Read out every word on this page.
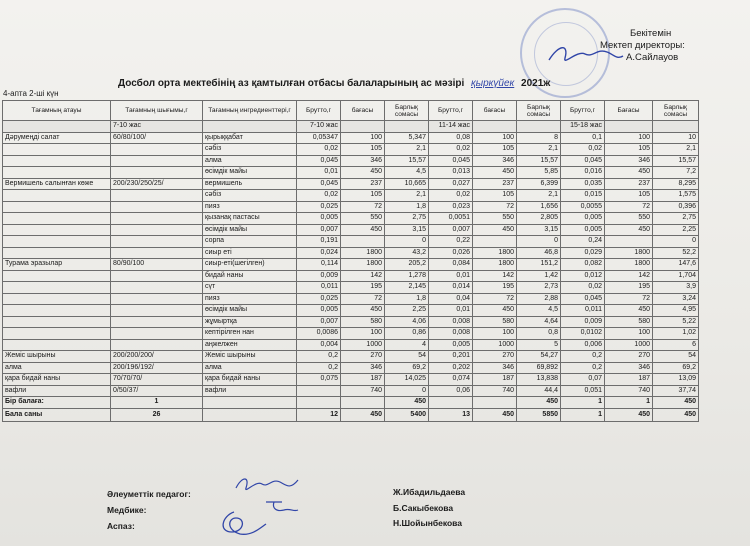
Бекітемін
Мектеп директоры:
А.Сайлауов
Досбол орта мектебінің аз қамтылған отбасы балаларының ас мәзірі қыркүйек 2021ж
4-апта 2-ші күн
Тағамның атауы	Тағамның шығымы,г	Тағамның ингредиенттері,г	Брутто,г	бағасы	Барлық сомасы	Брутто,г	бағасы	Барлық сомасы	Брутто,г	Бағасы	Барлық сомасы
	7-10 жас		7-10 жас			11-14 жас			15-18 жас		
Дәрумеңді салат	60/80/100/	қырыққабат	0,05347	100	5,347	0,08	100	8	0,1	100	10
		сәбіз	0,02	105	2,1	0,02	105	2,1	0,02	105	2,1
		алма	0,045	346	15,57	0,045	346	15,57	0,045	346	15,57
		өсімдік майы	0,01	450	4,5	0,013	450	5,85	0,016	450	7,2
Вермишель салынған көже	200/230/250/25/	вермишель	0,045	237	10,665	0,027	237	6,399	0,035	237	8,295
		сәбіз	0,02	105	2,1	0,02	105	2,1	0,015	105	1,575
		пияз	0,025	72	1,8	0,023	72	1,656	0,0055	72	0,396
		қызанақ пастасы	0,005	550	2,75	0,0051	550	2,805	0,005	550	2,75
		өсімдік майы	0,007	450	3,15	0,007	450	3,15	0,005	450	2,25
		сорпа	0,191		0	0,22		0	0,24		0
		сиыр еті	0,024	1800	43,2	0,026	1800	46,8	0,029	1800	52,2
Турама эразылар	80/90/100	сиыр-еті(шегілген)	0,114	1800	205,2	0,084	1800	151,2	0,082	1800	147,6
		бидай наны	0,009	142	1,278	0,01	142	1,42	0,012	142	1,704
		сүт	0,011	195	2,145	0,014	195	2,73	0,02	195	3,9
		пияз	0,025	72	1,8	0,04	72	2,88	0,045	72	3,24
		өсімдік майы	0,005	450	2,25	0,01	450	4,5	0,011	450	4,95
		жұмыртқа	0,007	580	4,06	0,008	580	4,64	0,009	580	5,22
		кептірілген нан	0,0086	100	0,86	0,008	100	0,8	0,0102	100	1,02
		аңжелжен	0,004	1000	4	0,005	1000	5	0,006	1000	6
Жеміс шырыны	200/200/200/	Жеміс шырыны	0,2	270	54	0,201	270	54,27	0,2	270	54
алма	200/196/192/	алма	0,2	346	69,2	0,202	346	69,892	0,2	346	69,2
қара бидай наны	70/70/70/	қара бидай наны	0,075	187	14,025	0,074	187	13,838	0,07	187	13,09
вафли	0/50/37/	вафли		740	0	0,06	740	44,4	0,051	740	37,74
Бір балаға:	1				450			450	1	1	450
Бала саны	26		12	450	5400	13	450	5850	1	450	450
Әлеуметтік педагог:
Медбике:
Аспаз:
Ж.Ибадильдаева
Б.Сакыбекова
Н.Шойынбекова
